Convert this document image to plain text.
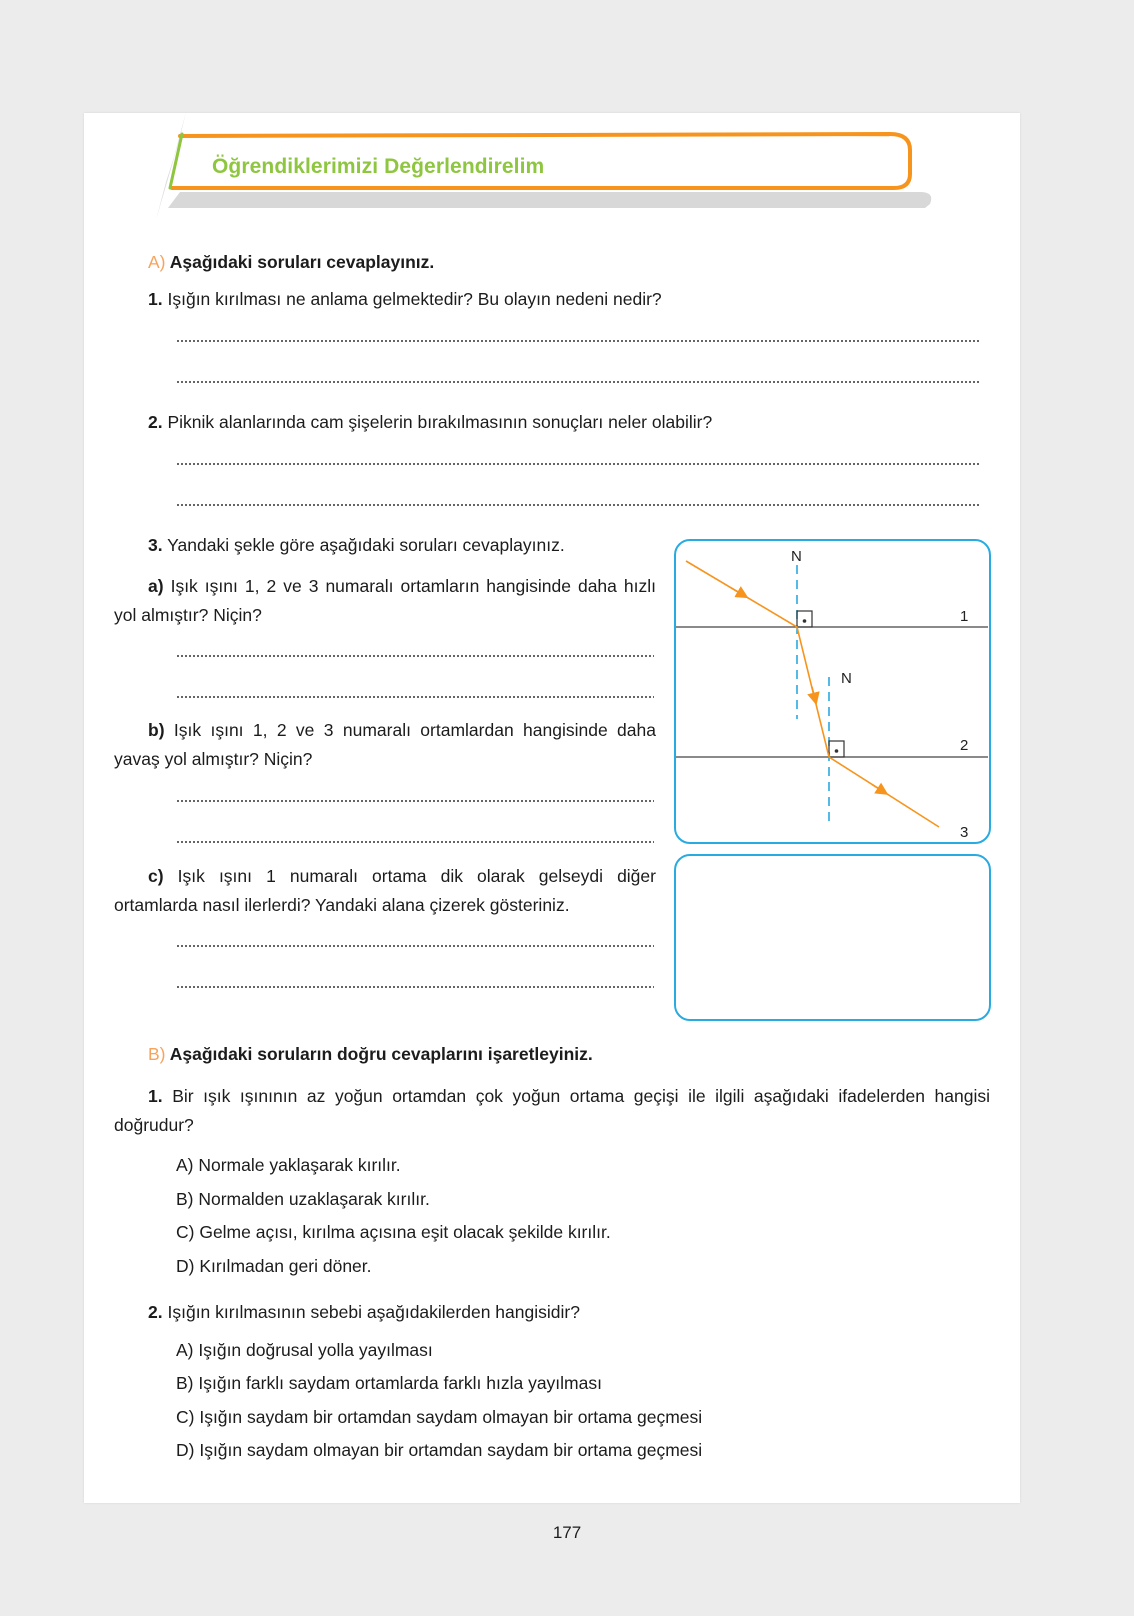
Öğrendiklerimizi Değerlendirelim
A) Aşağıdaki soruları cevaplayınız.
1. Işığın kırılması ne anlama gelmektedir? Bu olayın nedeni nedir?
2. Piknik alanlarında cam şişelerin bırakılmasının sonuçları neler olabilir?
3. Yandaki şekle göre aşağıdaki soruları cevaplayınız.
a) Işık ışını 1, 2 ve 3 numaralı ortamların hangisinde daha hızlı yol almıştır? Niçin?
b) Işık ışını 1, 2 ve 3 numaralı ortamlardan hangisinde daha yavaş yol almıştır? Niçin?
c) Işık ışını 1 numaralı ortama dik olarak gelseydi diğer ortamlarda nasıl ilerlerdi? Yandaki alana çizerek gösteriniz.
N
N
1
2
3
B) Aşağıdaki soruların doğru cevaplarını işaretleyiniz.
1. Bir ışık ışınının az yoğun ortamdan çok yoğun ortama geçişi ile ilgili aşağıdaki ifadelerden hangisi doğrudur?
A) Normale yaklaşarak kırılır.
B) Normalden uzaklaşarak kırılır.
C) Gelme açısı, kırılma açısına eşit olacak şekilde kırılır.
D) Kırılmadan geri döner.
2. Işığın kırılmasının sebebi aşağıdakilerden hangisidir?
A) Işığın doğrusal yolla yayılması
B) Işığın farklı saydam ortamlarda farklı hızla yayılması
C) Işığın saydam bir ortamdan saydam olmayan bir ortama geçmesi
D) Işığın saydam olmayan bir ortamdan saydam bir ortama geçmesi
177
